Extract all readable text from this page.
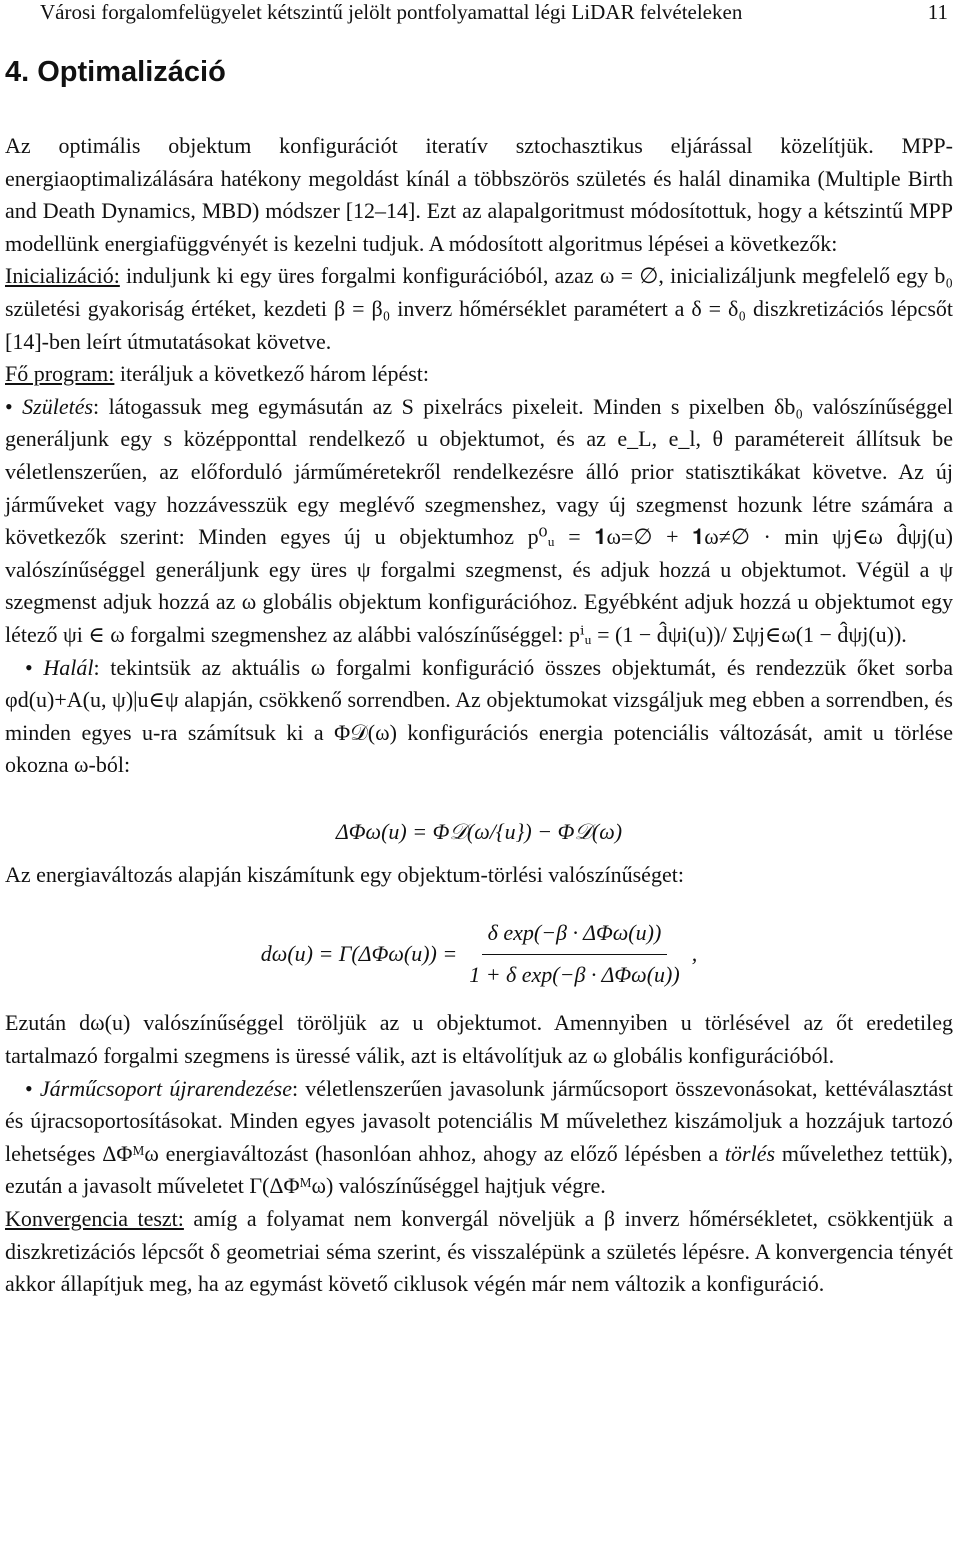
Városi forgalomfelügyelet kétszintű jelölt pontfolyamattal légi LiDAR felvételeken	11
4. Optimalizáció

Az optimális objektum konfigurációt iteratív sztochasztikus eljárással közelítjük. MPP-energiaoptimalizálására hatékony megoldást kínál a többszörös születés és halál dinamika (Multiple Birth and Death Dynamics, MBD) módszer [12–14]. Ezt az alapalgoritmust módosítottuk, hogy a kétszintű MPP modellünk energiafüggvényét is kezelni tudjuk. A módosított algoritmus lépései a következők:

Inicializáció: induljunk ki egy üres forgalmi konfigurációból, azaz ω = ∅, inicializáljunk megfelelő egy b₀ születési gyakoriság értéket, kezdeti β = β₀ inverz hőmérséklet paramétert a δ = δ₀ diszkretizációs lépcsőt [14]-ben leírt útmutatásokat követve.

Fő program: iteráljuk a következő három lépést:

• Születés: látogassuk meg egymásután az S pixelrács pixeleit. Minden s pixelben δb₀ valószínűséggel generáljunk egy s középponttal rendelkező u objektumot, és az e_L, e_l, θ paramétereit állítsuk be véletlenszerűen, az előforduló járműméretekről rendelkezésre álló prior statisztikákat követve. Az új járműveket vagy hozzávesszük egy meglévő szegmenshez, vagy új szegmenst hozunk létre számára a következők szerint: Minden egyes új u objektumhoz p⁰ᵤ = 𝟏ω=∅ + 𝟏ω≠∅ · min ψj∈ω d̂ψj(u) valószínűséggel generáljunk egy üres ψ forgalmi szegmenst, és adjuk hozzá u objektumot. Végül a ψ szegmenst adjuk hozzá az ω globális objektum konfigurációhoz. Egyébként adjuk hozzá u objektumot egy létező ψi ∈ ω forgalmi szegmenshez az alábbi valószínűséggel: pⁱᵤ = (1 − d̂ψi(u))/ Σψj∈ω(1 − d̂ψj(u)).

• Halál: tekintsük az aktuális ω forgalmi konfiguráció összes objektumát, és rendezzük őket sorba φd(u)+A(u, ψ)|u∈ψ alapján, csökkenő sorrendben. Az objektumokat vizsgáljuk meg ebben a sorrendben, és minden egyes u-ra számítsuk ki a Φ𝒟(ω) konfigurációs energia potenciális változását, amit u törlése okozna ω-ból:

ΔΦω(u) = Φ𝒟(ω/{u}) − Φ𝒟(ω)

Az energiaváltozás alapján kiszámítunk egy objektum-törlési valószínűséget:

$d\omega(u) = \Gamma(\Delta\Phi\omega(u)) = \frac{\text{δ exp(−β · ΔΦω(u))}}{\text{1 + δ exp(−β · ΔΦω(u))}}$ ,

Ezután dω(u) valószínűséggel töröljük az u objektumot. Amennyiben u törlésével az őt eredetileg tartalmazó forgalmi szegmens is üressé válik, azt is eltávolítjuk az ω globális konfigurációból.

• Járműcsoport újrarendezése: véletlenszerűen javasolunk járműcsoport összevonásokat, kettéválasztást és újracsoportosításokat. Minden egyes javasolt potenciális M művelethez kiszámoljuk a hozzájuk tartozó lehetséges ΔΦᴹω energiaváltozást (hasonlóan ahhoz, ahogy az előző lépésben a törlés művelethez tettük), ezután a javasolt műveletet Γ(ΔΦᴹω) valószínűséggel hajtjuk végre.

Konvergencia teszt: amíg a folyamat nem konvergál növeljük a β inverz hőmérsékletet, csökkentjük a diszkretizációs lépcsőt δ geometriai séma szerint, és visszalépünk a születés lépésre. A konvergencia tényét akkor állapítjuk meg, ha az egymást követő ciklusok végén már nem változik a konfiguráció.
